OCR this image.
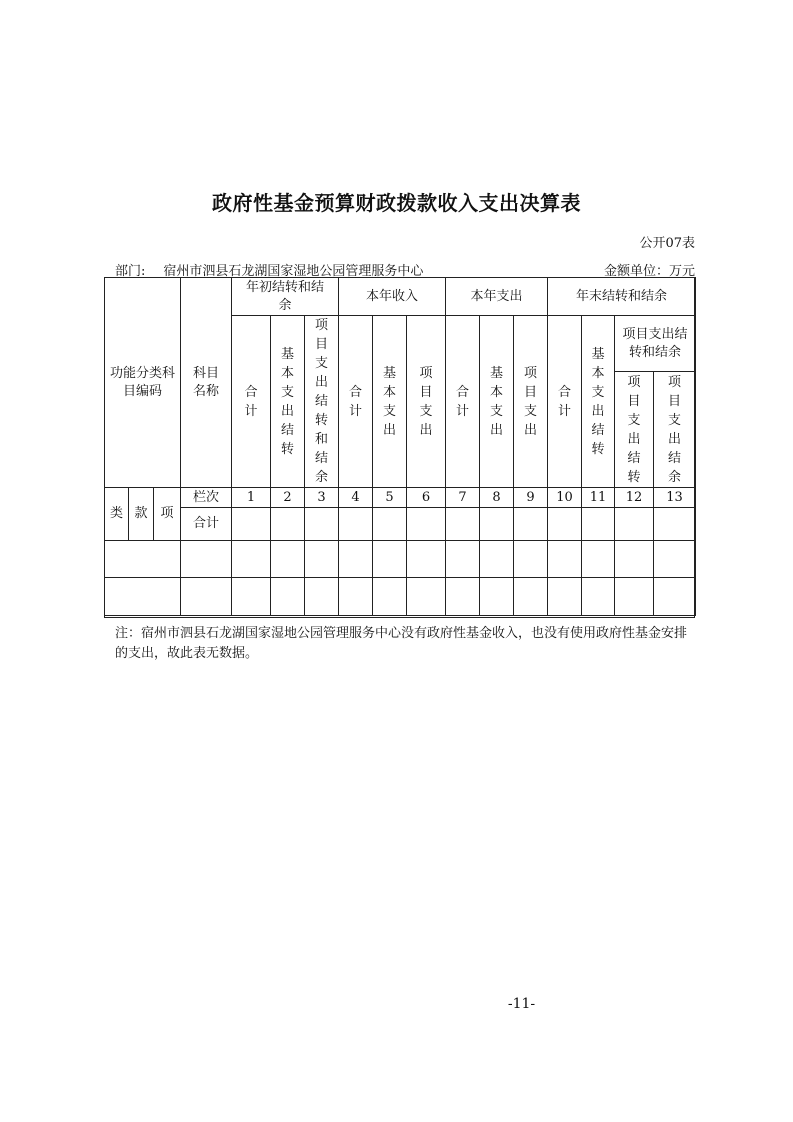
政府性基金预算财政拨款收入支出决算表
公开07表
部门: 宿州市泗县石龙湖国家湿地公园管理服务中心	金额单位：万元
功能分类科目编码			科目名称	年初结转和结余			本年收入			本年支出			年末结转和结余			
				合计	基本支出结转	项目支出结转和结余	合计	基本支出	项目支出	合计	基本支出	项目支出	合计	基本支出结转	项目支出结转和结余	
															项目支出结转	项目支出结余
类	款	项	栏次	1	2	3	4	5	6	7	8	9	10	11	12	13
			合计													

注：宿州市泗县石龙湖国家湿地公园管理服务中心没有政府性基金收入，也没有使用政府性基金安排的支出，故此表无数据。
-11-
